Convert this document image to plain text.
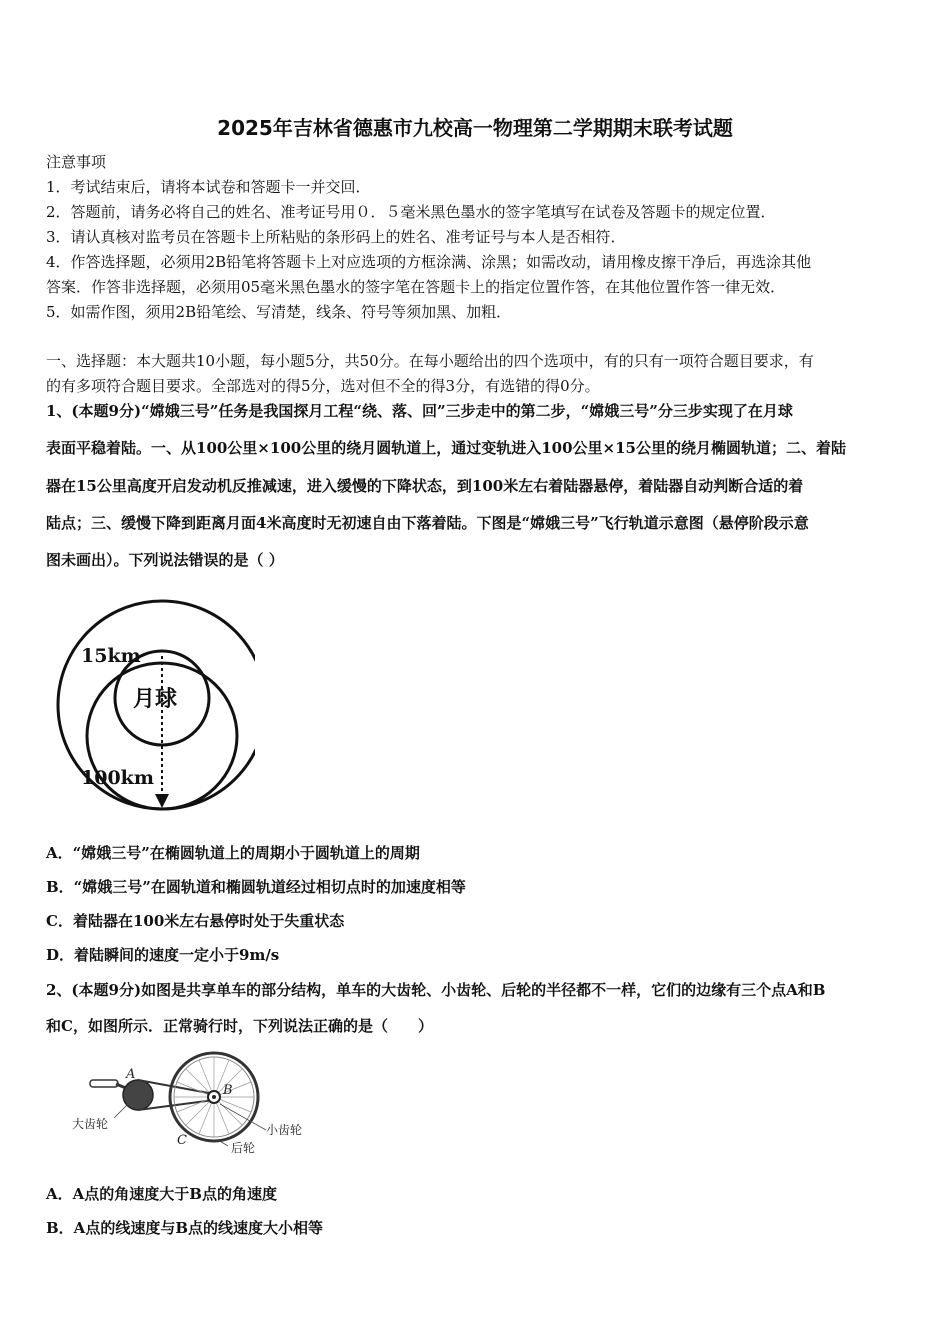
2025年吉林省德惠市九校高一物理第二学期期末联考试题
注意事项
1．考试结束后，请将本试卷和答题卡一并交回．
2．答题前，请务必将自己的姓名、准考证号用０．５毫米黑色墨水的签字笔填写在试卷及答题卡的规定位置．
3．请认真核对监考员在答题卡上所粘贴的条形码上的姓名、准考证号与本人是否相符．
4．作答选择题，必须用2B铅笔将答题卡上对应选项的方框涂满、涂黑；如需改动，请用橡皮擦干净后，再选涂其他
答案．作答非选择题，必须用05毫米黑色墨水的签字笔在答题卡上的指定位置作答，在其他位置作答一律无效．
5．如需作图，须用2B铅笔绘、写清楚，线条、符号等须加黑、加粗．
一、选择题：本大题共10小题，每小题5分，共50分。在每小题给出的四个选项中，有的只有一项符合题目要求，有
的有多项符合题目要求。全部选对的得5分，选对但不全的得3分，有选错的得0分。
1、(本题9分)“嫦娥三号”任务是我国探月工程“绕、落、回”三步走中的第二步，“嫦娥三号”分三步实现了在月球
表面平稳着陆。一、从100公里×100公里的绕月圆轨道上，通过变轨进入100公里×15公里的绕月椭圆轨道；二、着陆
器在15公里高度开启发动机反推减速，进入缓慢的下降状态，到100米左右着陆器悬停，着陆器自动判断合适的着
陆点；三、缓慢下降到距离月面4米高度时无初速自由下落着陆。下图是“嫦娥三号”飞行轨道示意图（悬停阶段示意
图未画出）。下列说法错误的是（ ）
15km
100km
月球
A．“嫦娥三号”在椭圆轨道上的周期小于圆轨道上的周期
B．“嫦娥三号”在圆轨道和椭圆轨道经过相切点时的加速度相等
C．着陆器在100米左右悬停时处于失重状态
D．着陆瞬间的速度一定小于9m/s
2、(本题9分)如图是共享单车的部分结构，单车的大齿轮、小齿轮、后轮的半径都不一样，它们的边缘有三个点A和B
和C，如图所示．正常骑行时，下列说法正确的是（　　）
A
B
C
大齿轮	小齿轮
后轮
A．A点的角速度大于B点的角速度
B．A点的线速度与B点的线速度大小相等
